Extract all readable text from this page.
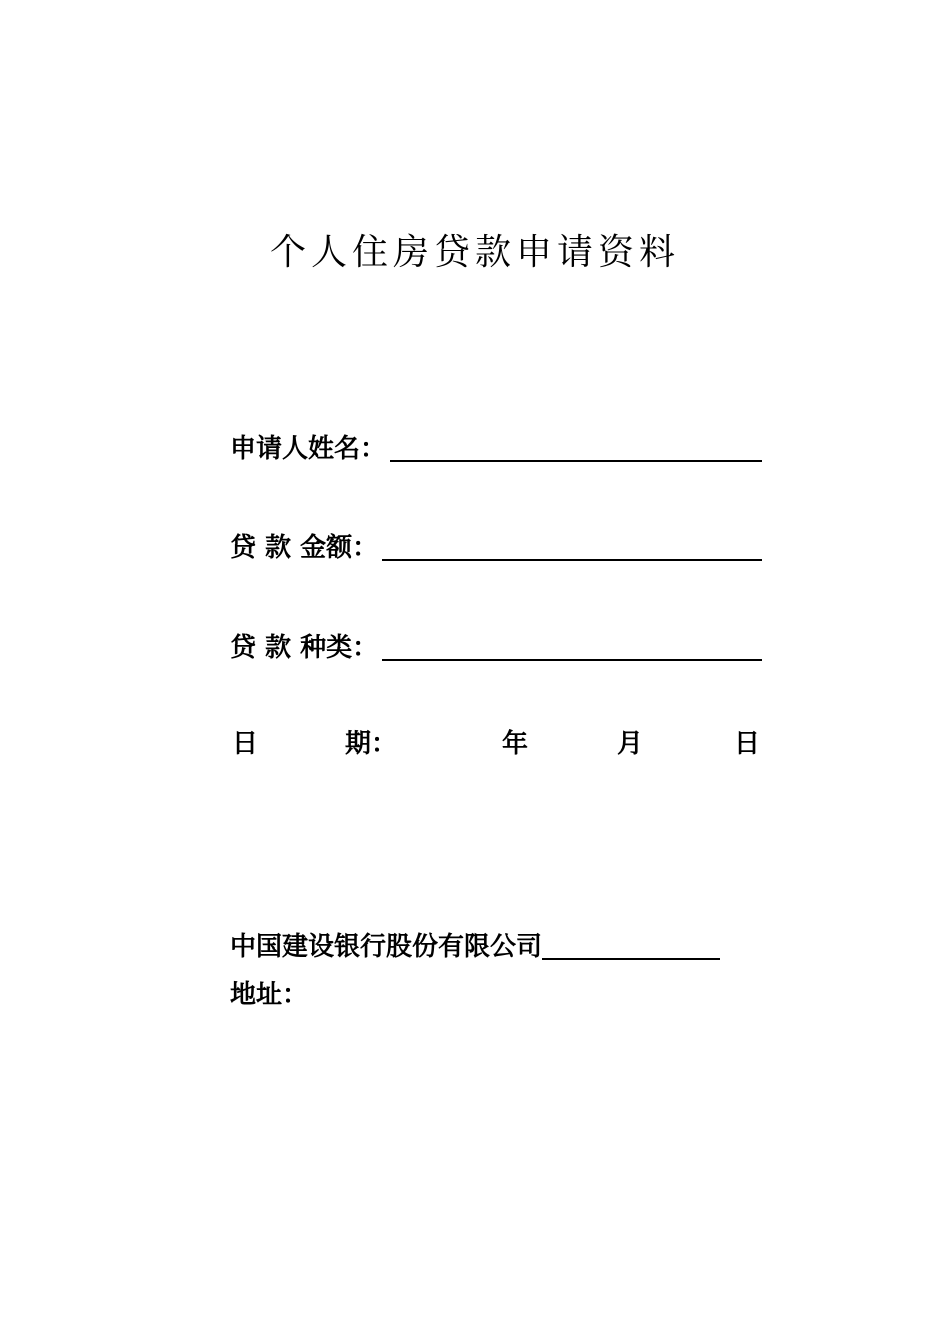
个人住房贷款申请资料
申请人姓名：
贷 款 金额：
贷 款 种类：
日	期：	年	月	日
中国建设银行股份有限公司
地址：
